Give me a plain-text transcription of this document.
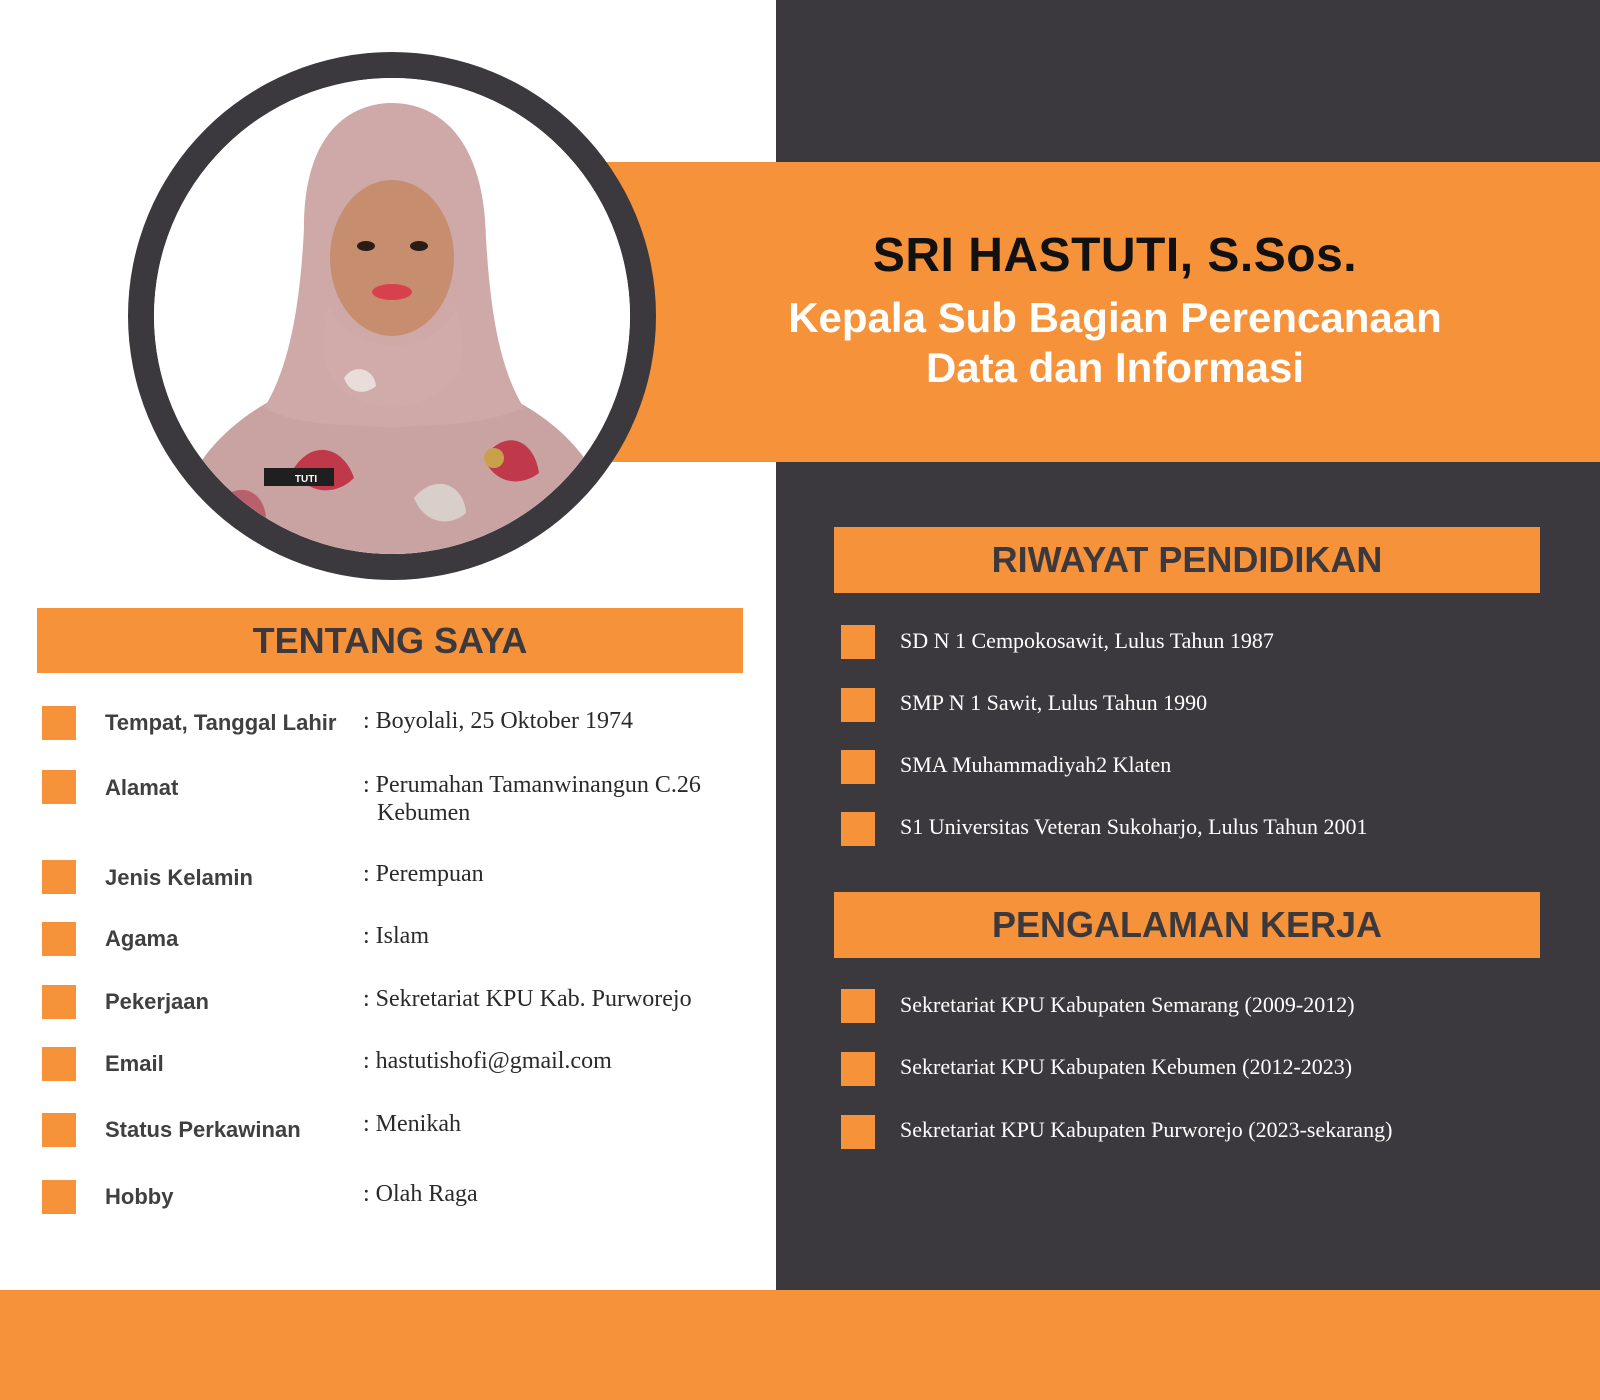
SRI HASTUTI, S.Sos.
Kepala Sub Bagian Perencanaan
Data dan Informasi
TUTI
TENTANG SAYA
Tempat, Tanggal Lahir : Boyolali, 25 Oktober 1974
Alamat	: Perumahan Tamanwinangun C.26
Kebumen
Jenis Kelamin	: Perempuan
Agama	: Islam
Pekerjaan	: Sekretariat KPU Kab. Purworejo
Email	: hastutishofi@gmail.com
Status Perkawinan	: Menikah
Hobby	: Olah Raga
RIWAYAT PENDIDIKAN
SD N 1 Cempokosawit, Lulus Tahun 1987
SMP N 1 Sawit, Lulus Tahun 1990
SMA Muhammadiyah2 Klaten
S1 Universitas Veteran Sukoharjo, Lulus Tahun 2001
PENGALAMAN KERJA
Sekretariat KPU Kabupaten Semarang (2009-2012)
Sekretariat KPU Kabupaten Kebumen (2012-2023)
Sekretariat KPU Kabupaten Purworejo (2023-sekarang)
